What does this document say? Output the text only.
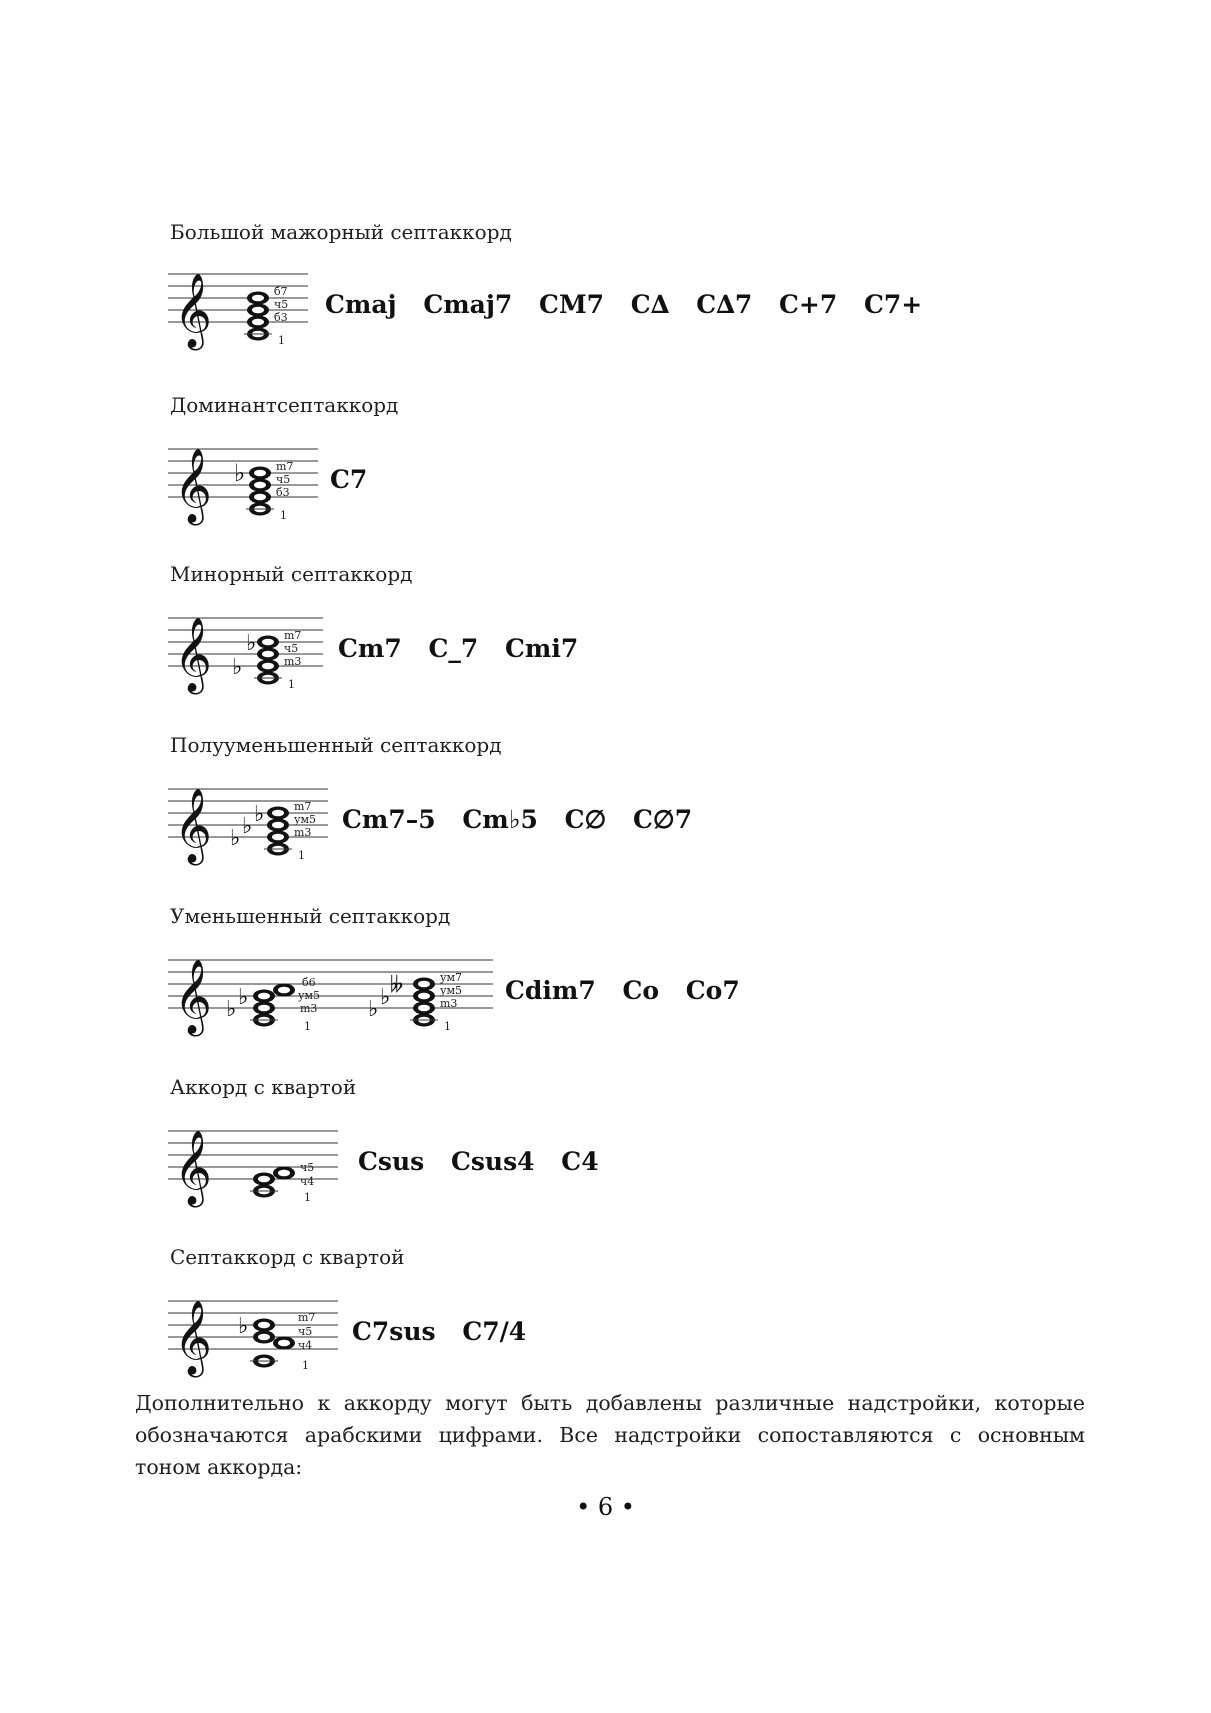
Большой мажорный септаккорд
𝄞	б7
ч5
б3
1
Cmaj Cmaj7 CM7 C∆ C∆7 C+7 C7+
Доминантсептаккорд
𝄞 ♭	m7
ч5
б3
1
C7
Минорный септаккорд
𝄞 ♭
♭	m7
ч5
m3
1
Cm7 C_7 Cmi7
Полууменьшенный септаккорд
𝄞 ♭ ♭ ♭	m7
ум5
m3
1
Cm7–5 Cm♭5 C∅ C∅7
Уменьшенный септаккорд
𝄞 ♭ ♭
б6
ум5
m3
1
♭ ♭ 𝄫	ум7
ум5
m3
1
Cdim7 Co Co7
Аккорд с квартой
𝄞	ч5
ч4
1
Csus Csus4 C4
Септаккорд с квартой
𝄞 ♭	m7
ч5
ч4
1
C7sus C7/4
Дополнительно к аккорду могут быть добавлены различные надстройки, которые обозначаются арабскими цифрами. Все надстройки сопоставляются с основным тоном аккорда:
• 6 •
